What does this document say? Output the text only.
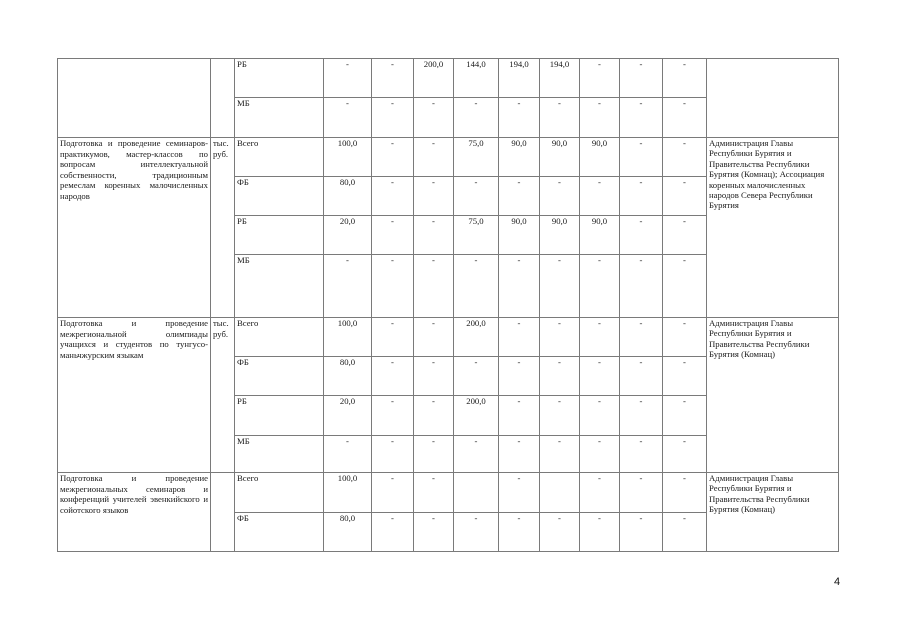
		РБ	-	-	200,0	144,0	194,0	194,0	-	-	-	
		МБ	-	-	-	-	-	-	-	-	-	
Подготовка и проведение семинаров-практикумов, мастер-классов по вопросам интеллектуальной собственности, традиционным ремеслам коренных малочисленных народов	тыс. руб.	Всего	100,0	-	-	75,0	90,0	90,0	90,0	-	-	Администрация Главы Республики Бурятия и Правительства Республики Бурятия (Комнац); Ассоциация коренных малочисленных народов Севера Республики Бурятия
		ФБ	80,0	-	-	-	-	-	-	-	-	
		РБ	20,0	-	-	75,0	90,0	90,0	90,0	-	-	
		МБ	-	-	-	-	-	-	-	-	-	
Подготовка и проведение межрегиональной олимпиады учащихся и студентов по тунгусо-маньчжурским языкам	тыс. руб.	Всего	100,0	-	-	200,0	-	-	-	-	-	Администрация Главы Республики Бурятия и Правительства Республики Бурятия (Комнац)
		ФБ	80,0	-	-	-	-	-	-	-	-	
		РБ	20,0	-	-	200,0	-	-	-	-	-	
		МБ	-	-	-	-	-	-	-	-	-	
Подготовка и проведение межрегиональных семинаров и конференций учителей эвенкийского и сойотского языков		Всего	100,0	-	-		-		-	-	-	Администрация Главы Республики Бурятия и Правительства Республики Бурятия (Комнац)
		ФБ	80,0	-	-	-	-	-	-	-	-	
4
